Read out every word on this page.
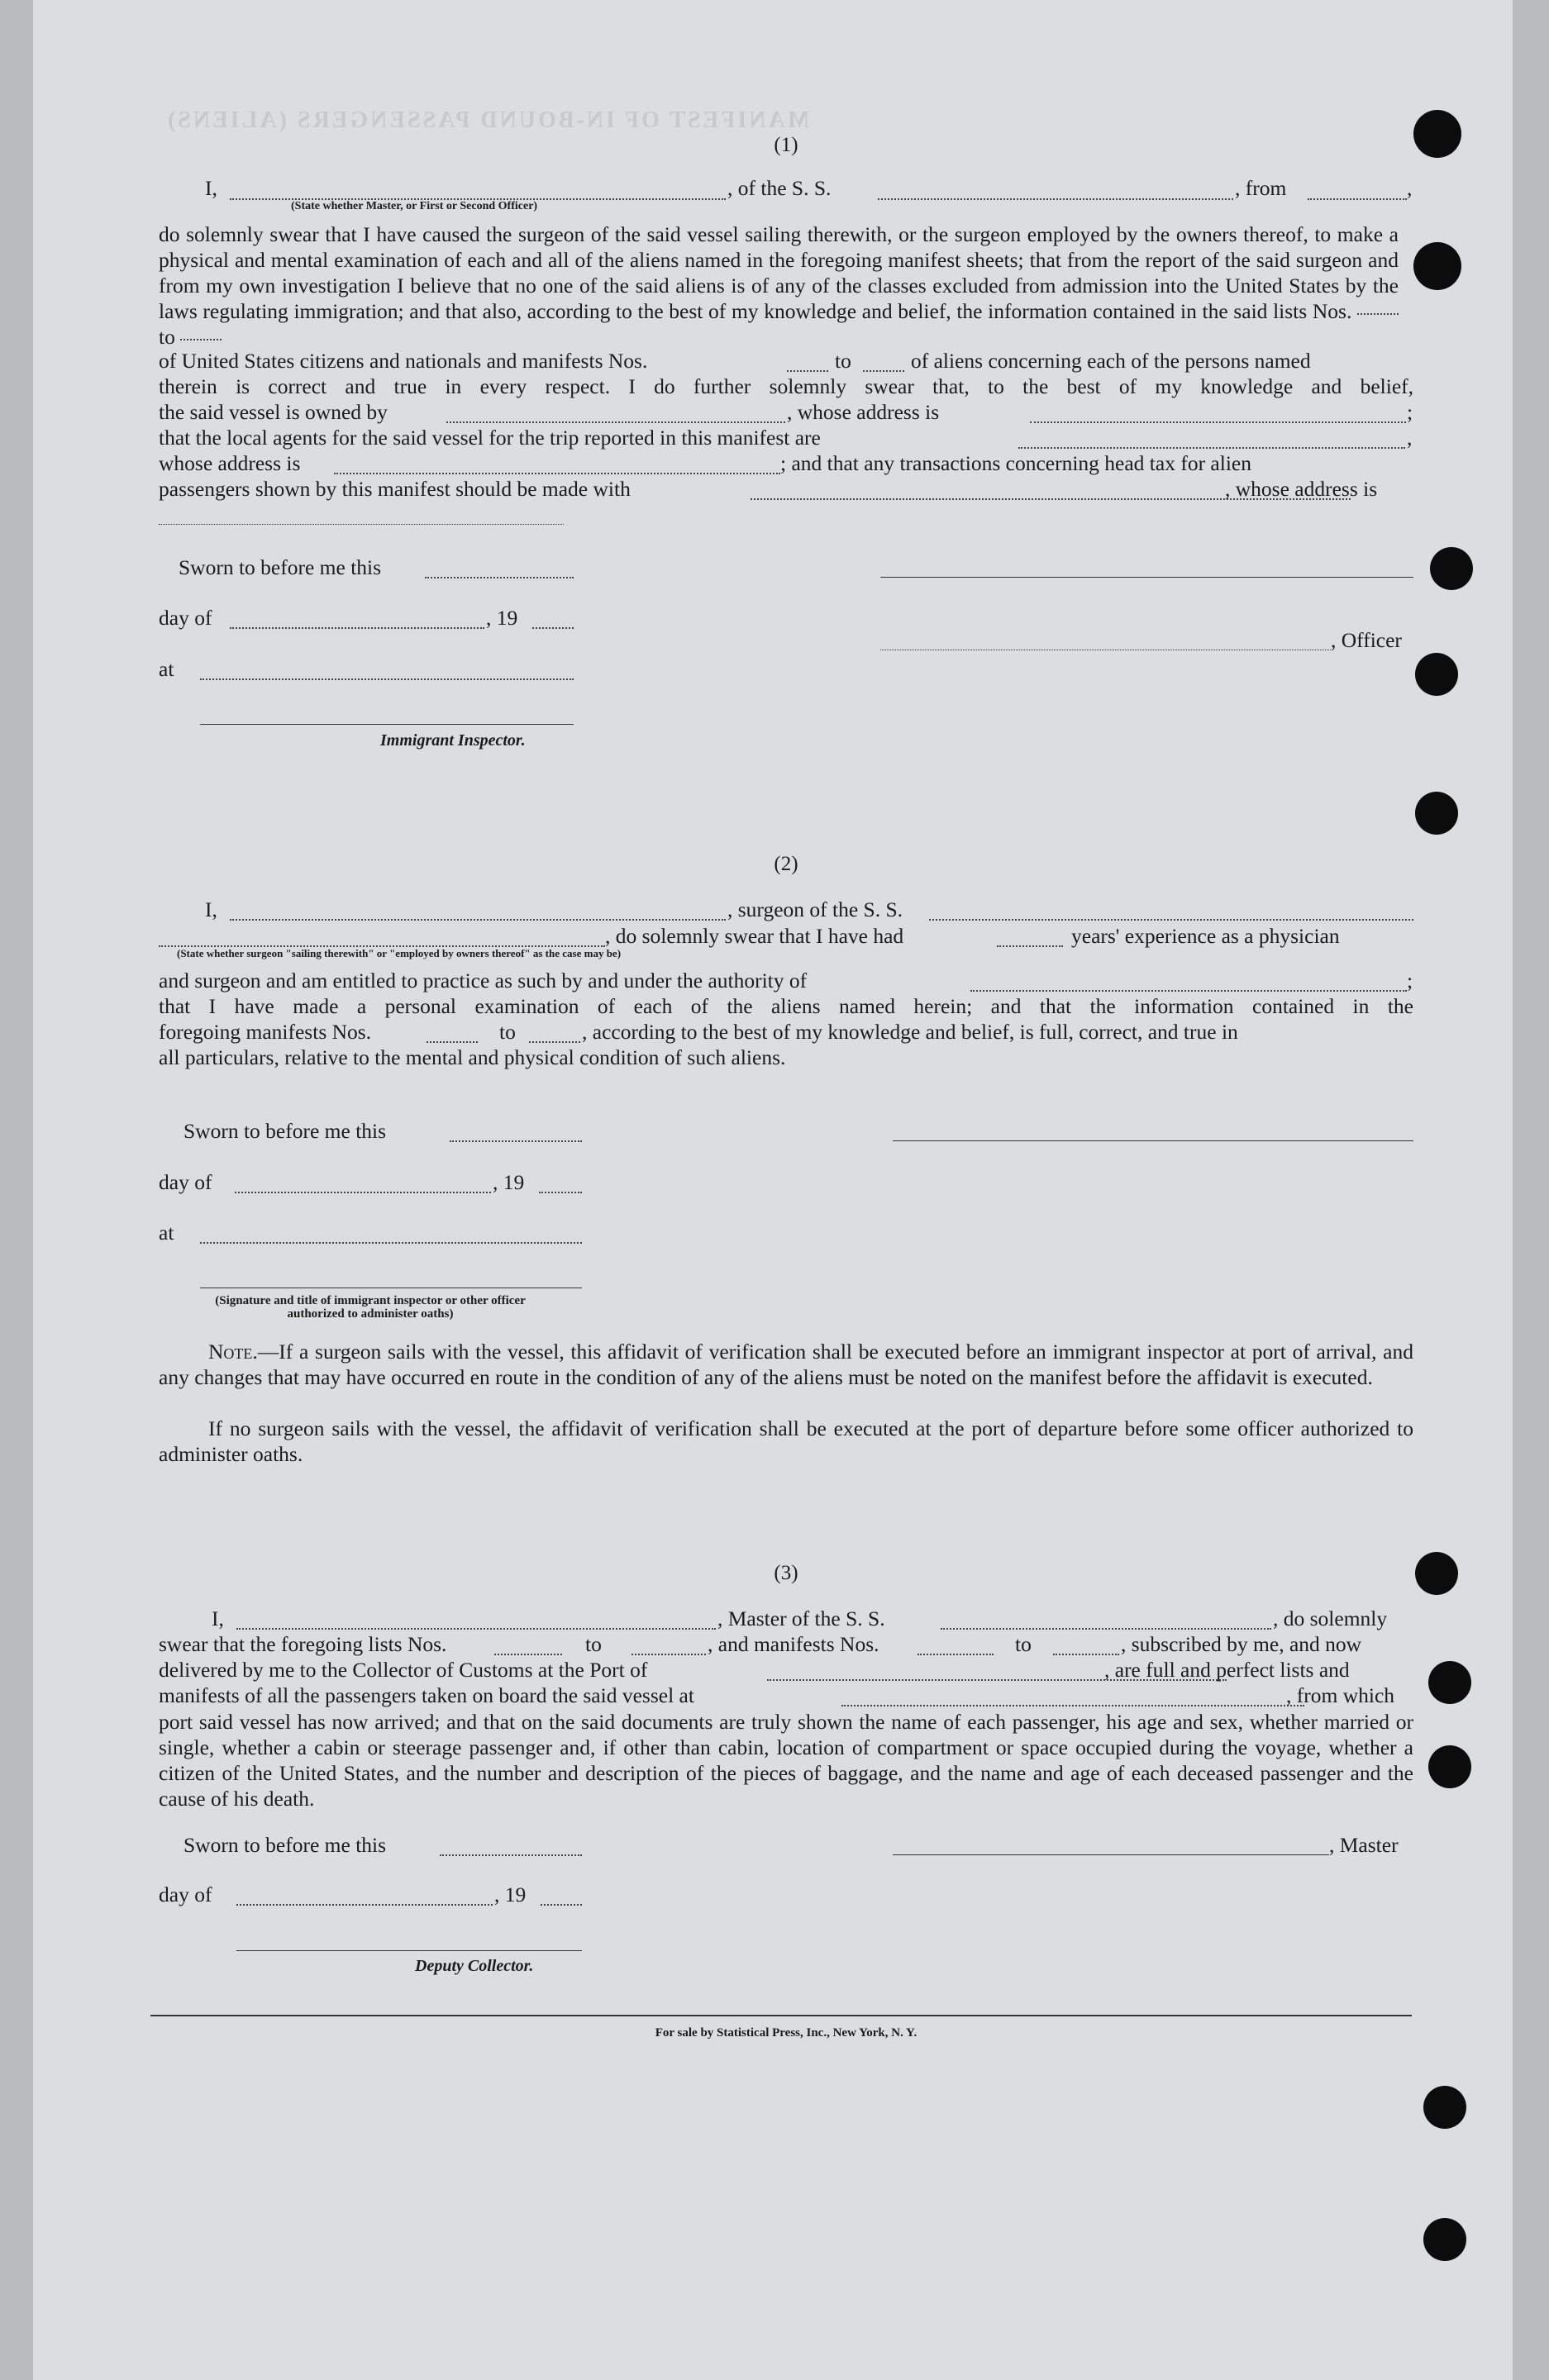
MANIFEST OF IN-BOUND PASSENGERS (ALIENS)
(1)
I,	, of the S. S.	, from	,
(State whether Master, or First or Second Officer)
do solemnly swear that I have caused the surgeon of the said vessel sailing therewith, or the surgeon employed by the owners thereof, to make a physical and mental examination of each and all of the aliens named in the foregoing manifest sheets; that from the report of the said surgeon and from my own investigation I believe that no one of the said aliens is of any of the classes excluded from admission into the United States by the laws regulating immigration; and that also, according to the best of my knowledge and belief, the information contained in the said lists Nos.  to
of United States citizens and nationals and manifests Nos.	to	of aliens concerning each of the persons named
therein is correct and true in every respect. I do further solemnly swear that, to the best of my knowledge and belief,
the said vessel is owned by	, whose address is	;
that the local agents for the said vessel for the trip reported in this manifest are	,
whose address is	; and that any transactions concerning head tax for alien
passengers shown by this manifest should be made with	, whose address is
Sworn to before me this
day of	, 19
, Officer
at
Immigrant Inspector.
(2)
I,	, surgeon of the S. S.
, do solemnly swear that I have had	years' experience as a physician
(State whether surgeon "sailing therewith" or "employed by owners thereof" as the case may be)
and surgeon and am entitled to practice as such by and under the authority of	;
that I have made a personal examination of each of the aliens named herein; and that the information contained in the
foregoing manifests Nos.	to	, according to the best of my knowledge and belief, is full, correct, and true in
all particulars, relative to the mental and physical condition of such aliens.
Sworn to before me this
day of	, 19
at
(Signature and title of immigrant inspector or other officer authorized to administer oaths)
Note.—If a surgeon sails with the vessel, this affidavit of verification shall be executed before an immigrant inspector at port of arrival, and any changes that may have occurred en route in the condition of any of the aliens must be noted on the manifest before the affidavit is executed.
If no surgeon sails with the vessel, the affidavit of verification shall be executed at the port of departure before some officer authorized to administer oaths.
(3)
I,	, Master of the S. S.	, do solemnly
swear that the foregoing lists Nos.	to	, and manifests Nos.	to	, subscribed by me, and now
delivered by me to the Collector of Customs at the Port of	, are full and perfect lists and
manifests of all the passengers taken on board the said vessel at	, from which
port said vessel has now arrived; and that on the said documents are truly shown the name of each passenger, his age and sex, whether married or single, whether a cabin or steerage passenger and, if other than cabin, location of compartment or space occupied during the voyage, whether a citizen of the United States, and the number and description of the pieces of baggage, and the name and age of each deceased passenger and the cause of his death.
Sworn to before me this	, Master
day of	, 19
Deputy Collector.
For sale by Statistical Press, Inc., New York, N. Y.
